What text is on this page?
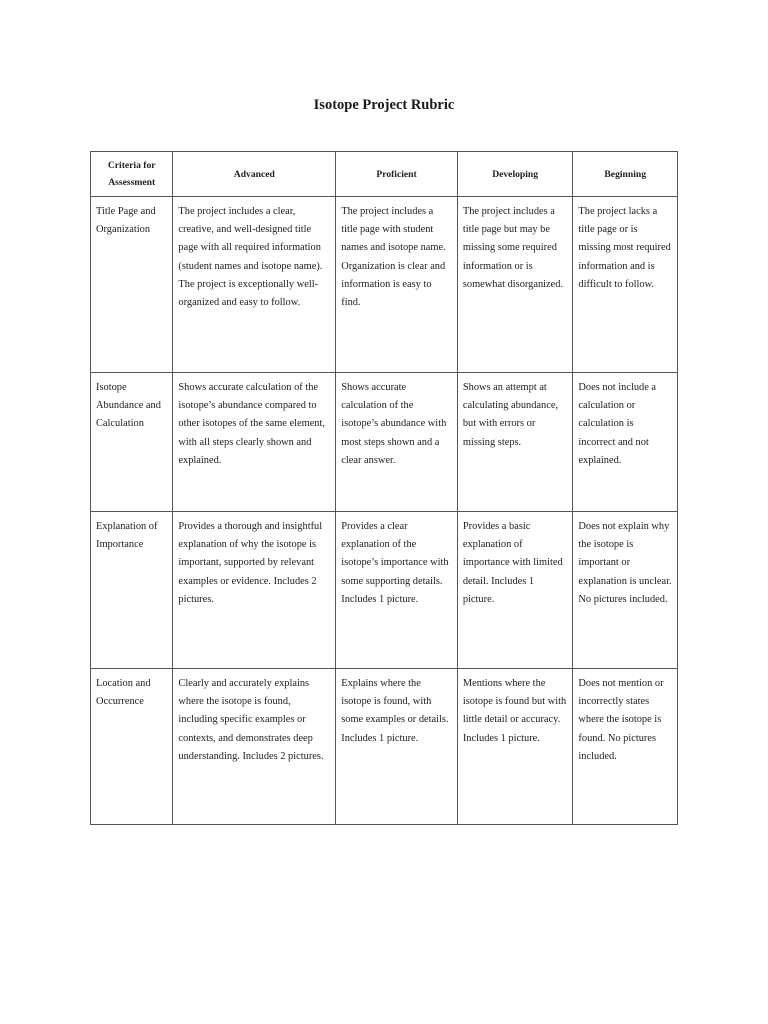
Isotope Project Rubric
Criteria for Assessment	Advanced	Proficient	Developing	Beginning
Title Page and Organization	The project includes a clear, creative, and well-designed title page with all required information (student names and isotope name). The project is exceptionally well-organized and easy to follow.	The project includes a title page with student names and isotope name. Organization is clear and information is easy to find.	The project includes a title page but may be missing some required information or is somewhat disorganized.	The project lacks a title page or is missing most required information and is difficult to follow.
Isotope Abundance and Calculation	Shows accurate calculation of the isotope’s abundance compared to other isotopes of the same element, with all steps clearly shown and explained.	Shows accurate calculation of the isotope’s abundance with most steps shown and a clear answer.	Shows an attempt at calculating abundance, but with errors or missing steps.	Does not include a calculation or calculation is incorrect and not explained.
Explanation of Importance	Provides a thorough and insightful explanation of why the isotope is important, supported by relevant examples or evidence. Includes 2 pictures.	Provides a clear explanation of the isotope’s importance with some supporting details. Includes 1 picture.	Provides a basic explanation of importance with limited detail. Includes 1 picture.	Does not explain why the isotope is important or explanation is unclear. No pictures included.
Location and Occurrence	Clearly and accurately explains where the isotope is found, including specific examples or contexts, and demonstrates deep understanding. Includes 2 pictures.	Explains where the isotope is found, with some examples or details. Includes 1 picture.	Mentions where the isotope is found but with little detail or accuracy. Includes 1 picture.	Does not mention or incorrectly states where the isotope is found. No pictures included.
